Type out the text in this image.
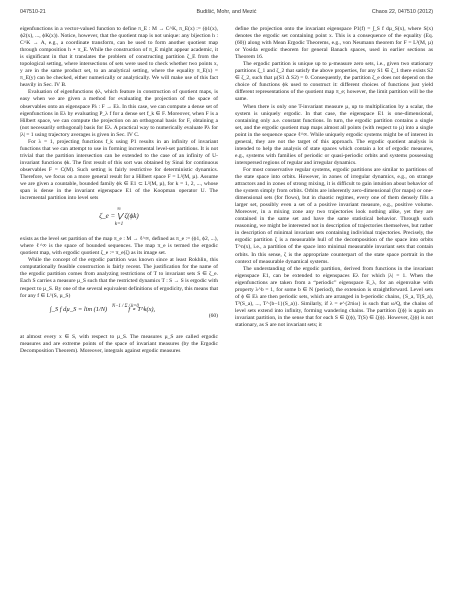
047510-21	Budišić, Mohr, and Mezić	Chaos 22, 047510 (2012)

eigenfunctions in a vector-valued function to define π_E : M → C^K, π_E(x) := (ϕ1(x), ϕ2(x), ..., ϕK(x)). Notice, however, that the quotient map is not unique: any bijection h : C^K → A, e.g., a coordinate transform, can be used to form another quotient map through composition h ∘ π_E. While the construction of π_E might appear academic, it is significant in that it translates the problem of constructing partition ζ_E from the topological setting, where intersections of sets were used to check whether two points x, y are in the same product set, to an analytical setting, where the equality π_E(x) = π_E(y) can be checked, either numerically or analytically. We will make use of this fact heavily in Sec. IV B.

Evaluation of eigenfunctions ϕλ, which feature in construction of quotient maps, is easy when we are given a method for evaluating the projection of the space of observables onto an eigenspace Pλ : F → Eλ. In this case, we can compute a dense set of eigenfunctions in Eλ by evaluating P_λ f for a dense set f_k ∈ F. Moreover, when F is a Hilbert space, we can compute the projection on an orthogonal basis for F, obtaining a (not necessarily orthogonal) basis for Eλ. A practical way to numerically evaluate Pλ for |λ| = 1 using trajectory averages is given in Sec. IV C.

For λ = 1, projecting functions f_k using P1 results in an infinity of invariant functions that we can attempt to use in forming incremental level-set partitions. It is not trivial that the partition intersection can be extended to the case of an infinity of U-invariant functions ϕk. The first result of this sort was obtained by Sinai for continuous observables F = C(M). Such setting is fairly restrictive for deterministic dynamics. Therefore, we focus on a more general result for a Hilbert space F = L²(M, µ). Assume we are given a countable, bounded family ϕk ∈ E1 ⊂ L²(M, µ), for k = 1, 2, ..., whose span is dense in the invariant eigenspace E1 of the Koopman operator U. The incremental partition into level sets

∞
ζ_e = ⋁ ζ(ϕk)
k=1

exists as the level set partition of the map π_e : M → ℓ^∞, defined as π_e := (ϕ1, ϕ2, ...), where ℓ^∞ is the space of bounded sequences. The map π_e is termed the ergodic quotient map, with ergodic quotient ζ_e := π_e(ζ) as its image set.

While the concept of the ergodic partition was known since at least Rokhlin, this computationally feasible construction is fairly recent. The justification for the name of the ergodic partition comes from analyzing restrictions of T to invariant sets S ∈ ζ_e. Each S carries a measure µ_S such that the restricted dynamics T : S → S is ergodic with respect to µ_S. By one of the several equivalent definitions of ergodicity, this means that for any f ∈ L¹(S, µ_S)

∫_S f dµ_S = lim (1/N)	f ∘ T^k(x),
N−1 / Σ / k=0
(60)

at almost every x ∈ S, with respect to µ_S. The measures µ_S are called ergodic measures and are extreme points of the space of invariant measures (by the Ergodic Decomposition Theorem). Moreover, integrals against ergodic measures

define the projection onto the invariant eigenspace P1(f) = ∫_S f dµ_S(x), where S(x) denotes the ergodic set containing point x. This is a consequence of the equality (Eq. (60)) along with Mean Ergodic Theorems, e.g., von Neumann theorem for F = L²(M, µ) or Yosida ergodic theorem for general Banach spaces, used in earlier sections as Theorem 16.

The ergodic partition is unique up to µ-measure zero sets, i.e., given two stationary partitions ζ_1 and ζ_2 that satisfy the above properties, for any S1 ∈ ζ_1 there exists S2 ∈ ζ_2, such that µ(S1 ∆ S2) = 0. Consequently, the partition ζ_e does not depend on the choice of functions ϕk used to construct it: different choices of functions just yield different representations of the quotient map π_e; however, the limit partition will be the same.

When there is only one T-invariant measure µ, up to multiplication by a scalar, the system is uniquely ergodic. In that case, the eigenspace E1 is one-dimensional, containing only a.e. constant functions. In turn, the ergodic partition contains a single set, and the ergodic quotient map maps almost all points (with respect to µ) into a single point in the sequence space ℓ^∞. While uniquely ergodic systems might be of interest in general, they are not the target of this approach. The ergodic quotient analysis is intended to help the analysis of state spaces which contain a lot of ergodic measures, e.g., systems with families of periodic or quasi-periodic orbits and systems possessing interspersed regions of regular and irregular dynamics.

For most conservative regular systems, ergodic partitions are similar to partitions of the state space into orbits. However, in zones of irregular dynamics, e.g., on strange attractors and in zones of strong mixing, it is difficult to gain intuition about behavior of the system simply from orbits. Orbits are inherently zero-dimensional (for maps) or one-dimensional sets (for flows), but in chaotic regimes, every one of them densely fills a larger set, possibly even a set of a positive invariant measure, e.g., positive volume. Moreover, in a mixing zone any two trajectories look nothing alike, yet they are contained in the same set and have the same statistical behavior. Through such reasoning, we might be interested not in description of trajectories themselves, but rather in description of minimal invariant sets containing individual trajectories. Precisely, the ergodic partition ζ is a measurable hull of the decomposition of the space into orbits T^n(x), i.e., a partition of the space into minimal measurable invariant sets that contain orbits. In this sense, ζ is the appropriate counterpart of the state space portrait in the context of measurable dynamical systems.

The understanding of the ergodic partition, derived from functions in the invariant eigenspace E1, can be extended to eigenspaces Eλ for which |λ| = 1. When the eigenfunctions are taken from a “periodic” eigenspace E_λ, for an eigenvalue with property λ^b = 1, for some b ∈ N (period), the extension is straightforward. Level sets of ϕ ∈ Eλ are then periodic sets, which are arranged in b-periodic chains, {S_a, T(S_a), T²(S_a), ..., T^{b−1}(S_a)}. Similarly, if λ = e^{2πiω} is such that ω/Q, the chains of level sets extend into infinity, forming wandering chains. The partition ζ(ϕ) is again an invariant partition, in the sense that for each S ∈ ζ(ϕ), T(S) ∈ ζ(ϕ). However, ζ(ϕ) is not stationary, as S are not invariant sets; it
